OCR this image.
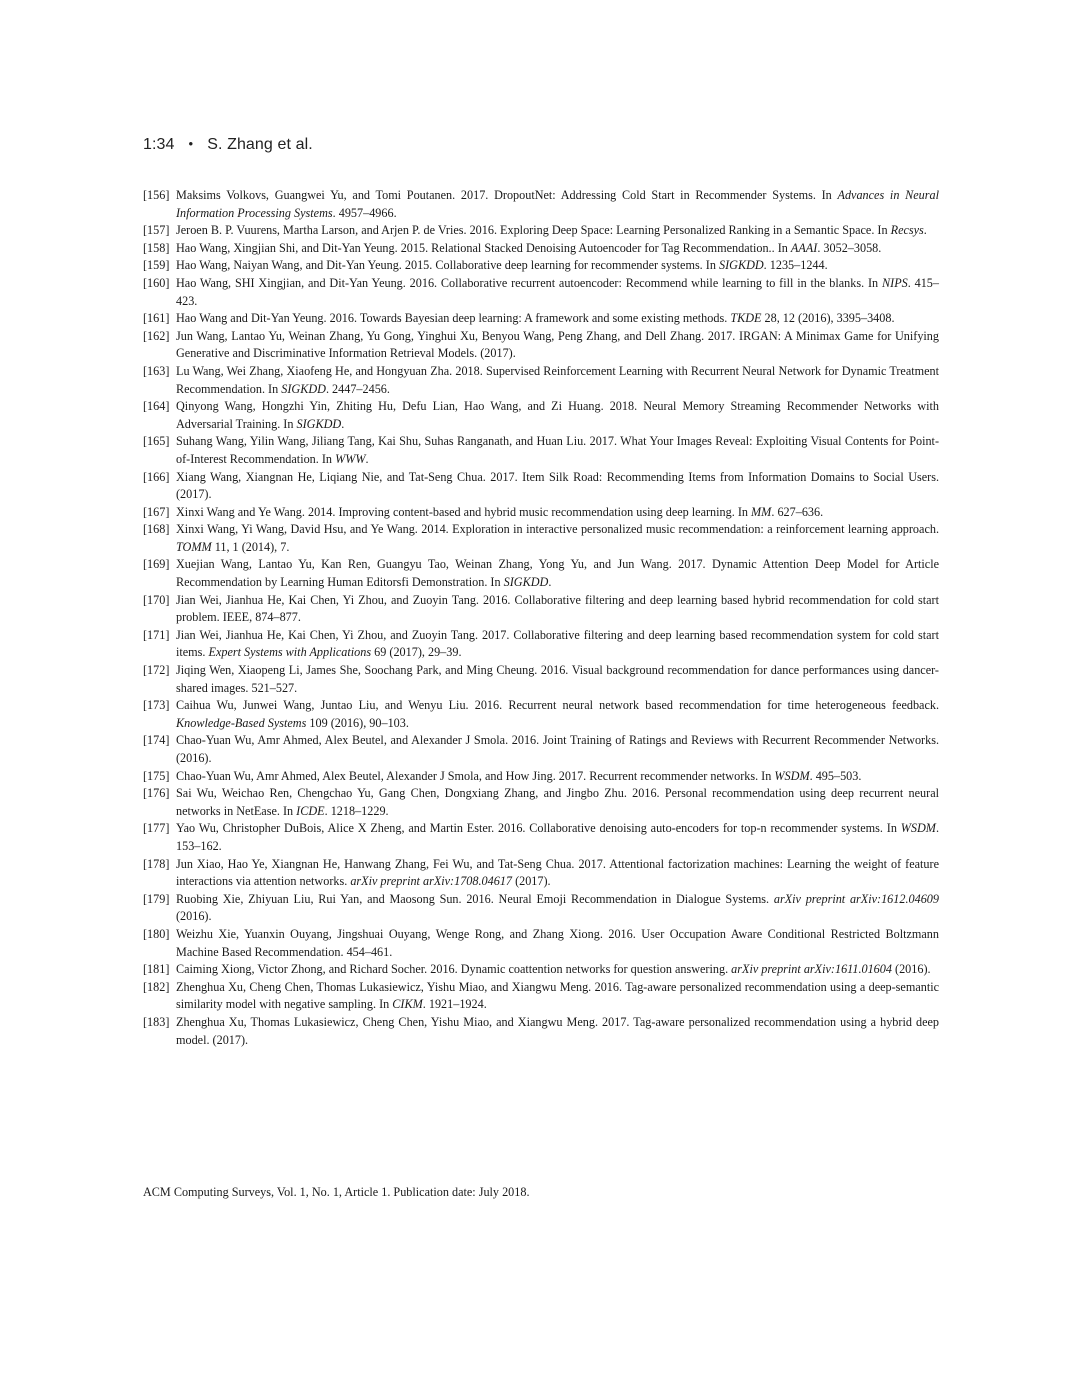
1:34 • S. Zhang et al.

[156] Maksims Volkovs, Guangwei Yu, and Tomi Poutanen. 2017. DropoutNet: Addressing Cold Start in Recommender Systems. In Advances in Neural Information Processing Systems. 4957–4966.

[157] Jeroen B. P. Vuurens, Martha Larson, and Arjen P. de Vries. 2016. Exploring Deep Space: Learning Personalized Ranking in a Semantic Space. In Recsys.

[158] Hao Wang, Xingjian Shi, and Dit-Yan Yeung. 2015. Relational Stacked Denoising Autoencoder for Tag Recommendation.. In AAAI. 3052–3058.

[159] Hao Wang, Naiyan Wang, and Dit-Yan Yeung. 2015. Collaborative deep learning for recommender systems. In SIGKDD. 1235–1244.

[160] Hao Wang, SHI Xingjian, and Dit-Yan Yeung. 2016. Collaborative recurrent autoencoder: Recommend while learning to fill in the blanks. In NIPS. 415–423.

[161] Hao Wang and Dit-Yan Yeung. 2016. Towards Bayesian deep learning: A framework and some existing methods. TKDE 28, 12 (2016), 3395–3408.

[162] Jun Wang, Lantao Yu, Weinan Zhang, Yu Gong, Yinghui Xu, Benyou Wang, Peng Zhang, and Dell Zhang. 2017. IRGAN: A Minimax Game for Unifying Generative and Discriminative Information Retrieval Models. (2017).

[163] Lu Wang, Wei Zhang, Xiaofeng He, and Hongyuan Zha. 2018. Supervised Reinforcement Learning with Recurrent Neural Network for Dynamic Treatment Recommendation. In SIGKDD. 2447–2456.

[164] Qinyong Wang, Hongzhi Yin, Zhiting Hu, Defu Lian, Hao Wang, and Zi Huang. 2018. Neural Memory Streaming Recommender Networks with Adversarial Training. In SIGKDD.

[165] Suhang Wang, Yilin Wang, Jiliang Tang, Kai Shu, Suhas Ranganath, and Huan Liu. 2017. What Your Images Reveal: Exploiting Visual Contents for Point-of-Interest Recommendation. In WWW.

[166] Xiang Wang, Xiangnan He, Liqiang Nie, and Tat-Seng Chua. 2017. Item Silk Road: Recommending Items from Information Domains to Social Users. (2017).

[167] Xinxi Wang and Ye Wang. 2014. Improving content-based and hybrid music recommendation using deep learning. In MM. 627–636.

[168] Xinxi Wang, Yi Wang, David Hsu, and Ye Wang. 2014. Exploration in interactive personalized music recommendation: a reinforcement learning approach. TOMM 11, 1 (2014), 7.

[169] Xuejian Wang, Lantao Yu, Kan Ren, Guangyu Tao, Weinan Zhang, Yong Yu, and Jun Wang. 2017. Dynamic Attention Deep Model for Article Recommendation by Learning Human Editorsfi Demonstration. In SIGKDD.

[170] Jian Wei, Jianhua He, Kai Chen, Yi Zhou, and Zuoyin Tang. 2016. Collaborative filtering and deep learning based hybrid recommendation for cold start problem. IEEE, 874–877.

[171] Jian Wei, Jianhua He, Kai Chen, Yi Zhou, and Zuoyin Tang. 2017. Collaborative filtering and deep learning based recommendation system for cold start items. Expert Systems with Applications 69 (2017), 29–39.

[172] Jiqing Wen, Xiaopeng Li, James She, Soochang Park, and Ming Cheung. 2016. Visual background recommendation for dance performances using dancer-shared images. 521–527.

[173] Caihua Wu, Junwei Wang, Juntao Liu, and Wenyu Liu. 2016. Recurrent neural network based recommendation for time heterogeneous feedback. Knowledge-Based Systems 109 (2016), 90–103.

[174] Chao-Yuan Wu, Amr Ahmed, Alex Beutel, and Alexander J Smola. 2016. Joint Training of Ratings and Reviews with Recurrent Recommender Networks. (2016).

[175] Chao-Yuan Wu, Amr Ahmed, Alex Beutel, Alexander J Smola, and How Jing. 2017. Recurrent recommender networks. In WSDM. 495–503.

[176] Sai Wu, Weichao Ren, Chengchao Yu, Gang Chen, Dongxiang Zhang, and Jingbo Zhu. 2016. Personal recommendation using deep recurrent neural networks in NetEase. In ICDE. 1218–1229.

[177] Yao Wu, Christopher DuBois, Alice X Zheng, and Martin Ester. 2016. Collaborative denoising auto-encoders for top-n recommender systems. In WSDM. 153–162.

[178] Jun Xiao, Hao Ye, Xiangnan He, Hanwang Zhang, Fei Wu, and Tat-Seng Chua. 2017. Attentional factorization machines: Learning the weight of feature interactions via attention networks. arXiv preprint arXiv:1708.04617 (2017).

[179] Ruobing Xie, Zhiyuan Liu, Rui Yan, and Maosong Sun. 2016. Neural Emoji Recommendation in Dialogue Systems. arXiv preprint arXiv:1612.04609 (2016).

[180] Weizhu Xie, Yuanxin Ouyang, Jingshuai Ouyang, Wenge Rong, and Zhang Xiong. 2016. User Occupation Aware Conditional Restricted Boltzmann Machine Based Recommendation. 454–461.

[181] Caiming Xiong, Victor Zhong, and Richard Socher. 2016. Dynamic coattention networks for question answering. arXiv preprint arXiv:1611.01604 (2016).

[182] Zhenghua Xu, Cheng Chen, Thomas Lukasiewicz, Yishu Miao, and Xiangwu Meng. 2016. Tag-aware personalized recommendation using a deep-semantic similarity model with negative sampling. In CIKM. 1921–1924.

[183] Zhenghua Xu, Thomas Lukasiewicz, Cheng Chen, Yishu Miao, and Xiangwu Meng. 2017. Tag-aware personalized recommendation using a hybrid deep model. (2017).

ACM Computing Surveys, Vol. 1, No. 1, Article 1. Publication date: July 2018.
